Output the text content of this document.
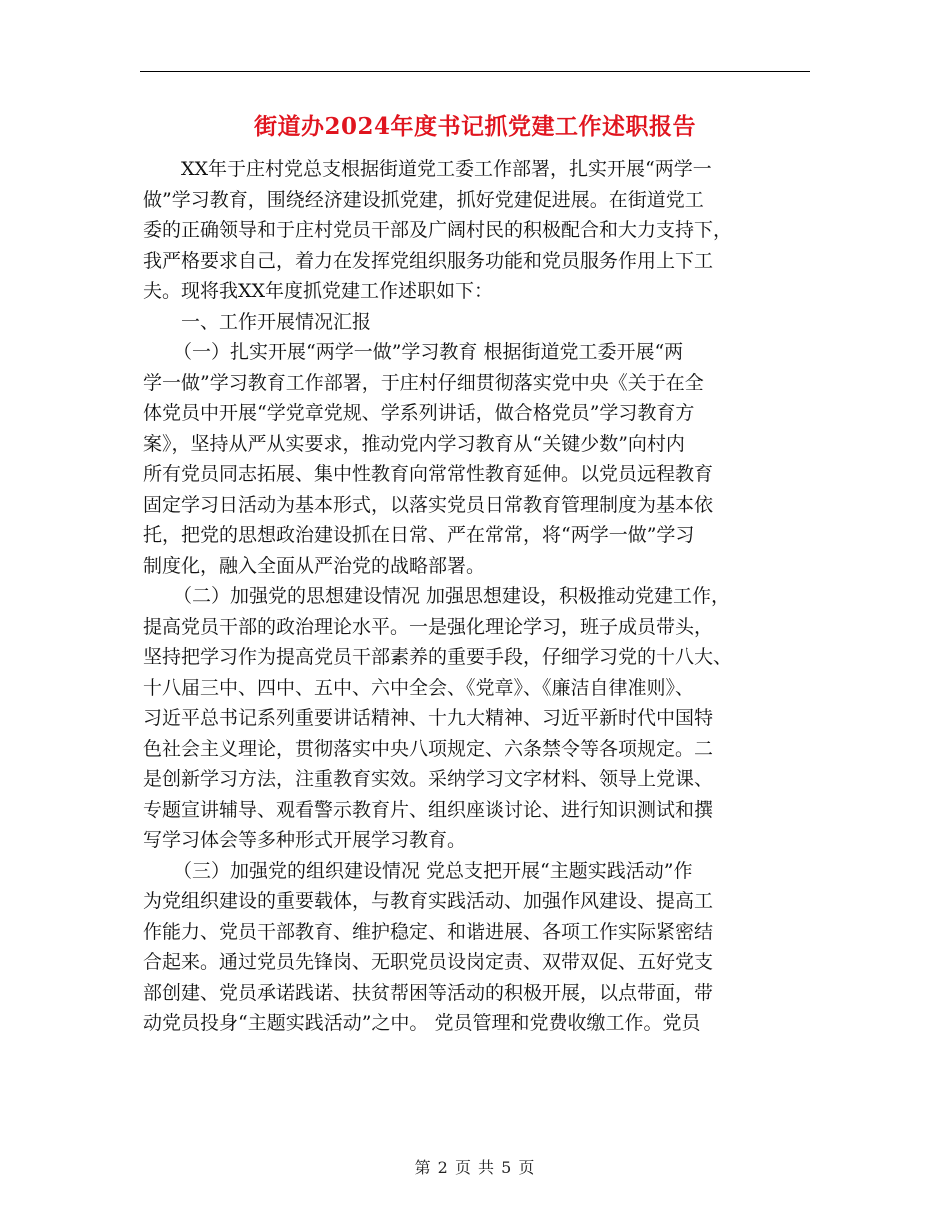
街道办2024年度书记抓党建工作述职报告
XX年于庄村党总支根据街道党工委工作部署，扎实开展“两学一
做”学习教育，围绕经济建设抓党建，抓好党建促进展。在街道党工
委的正确领导和于庄村党员干部及广阔村民的积极配合和大力支持下，
我严格要求自己，着力在发挥党组织服务功能和党员服务作用上下工
夫。现将我XX年度抓党建工作述职如下：
一、工作开展情况汇报
（一）扎实开展“两学一做”学习教育 根据街道党工委开展“两
学一做”学习教育工作部署，于庄村仔细贯彻落实党中央《关于在全
体党员中开展“学党章党规、学系列讲话，做合格党员”学习教育方
案》，坚持从严从实要求，推动党内学习教育从“关键少数”向村内
所有党员同志拓展、集中性教育向常常性教育延伸。以党员远程教育
固定学习日活动为基本形式，以落实党员日常教育管理制度为基本依
托，把党的思想政治建设抓在日常、严在常常，将“两学一做”学习
制度化，融入全面从严治党的战略部署。
（二）加强党的思想建设情况 加强思想建设，积极推动党建工作，
提高党员干部的政治理论水平。一是强化理论学习，班子成员带头，
坚持把学习作为提高党员干部素养的重要手段，仔细学习党的十八大、
十八届三中、四中、五中、六中全会、《党章》、《廉洁自律准则》、
习近平总书记系列重要讲话精神、十九大精神、习近平新时代中国特
色社会主义理论，贯彻落实中央八项规定、六条禁令等各项规定。二
是创新学习方法，注重教育实效。采纳学习文字材料、领导上党课、
专题宣讲辅导、观看警示教育片、组织座谈讨论、进行知识测试和撰
写学习体会等多种形式开展学习教育。
（三）加强党的组织建设情况 党总支把开展“主题实践活动”作
为党组织建设的重要载体，与教育实践活动、加强作风建设、提高工
作能力、党员干部教育、维护稳定、和谐进展、各项工作实际紧密结
合起来。通过党员先锋岗、无职党员设岗定责、双带双促、五好党支
部创建、党员承诺践诺、扶贫帮困等活动的积极开展，以点带面，带
动党员投身“主题实践活动”之中。 党员管理和党费收缴工作。党员
第 2 页 共 5 页
